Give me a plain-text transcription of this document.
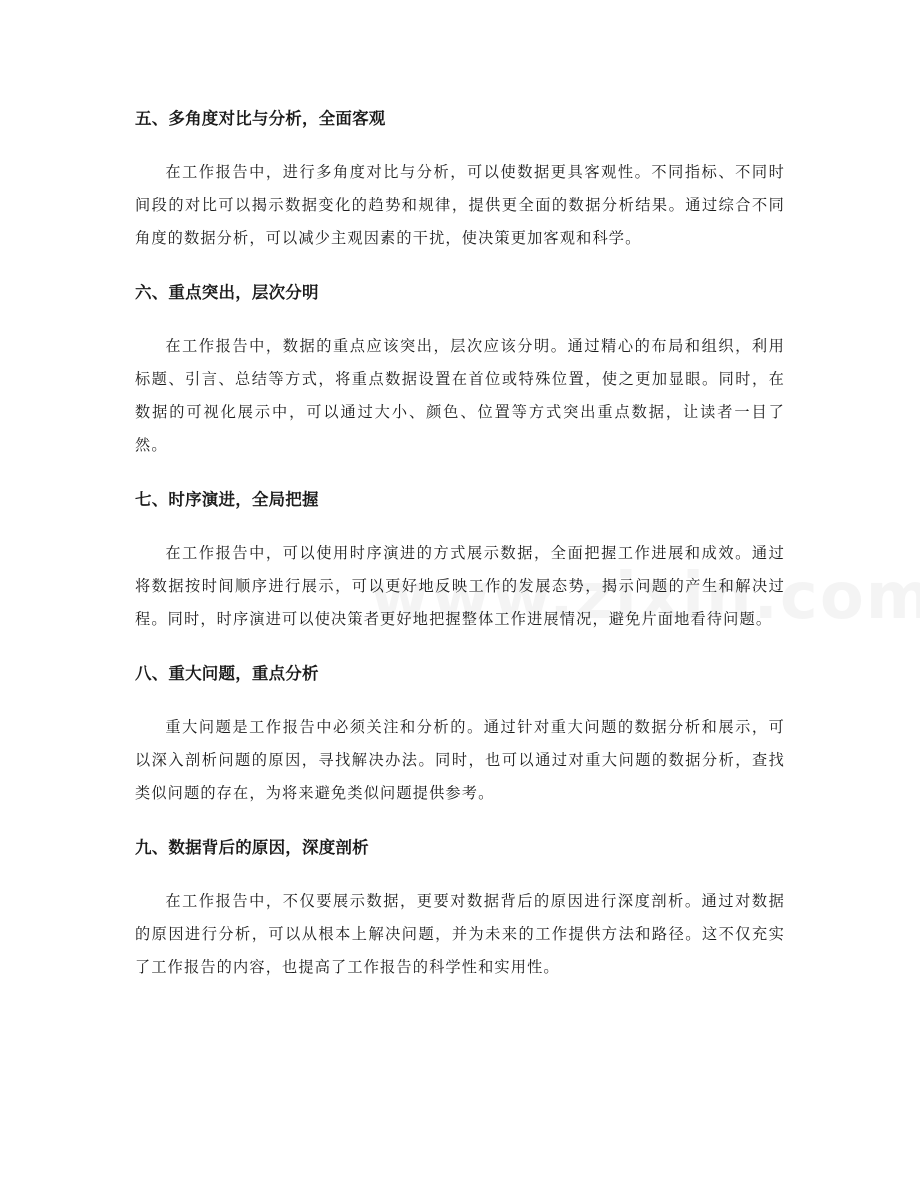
五、多角度对比与分析，全面客观

在工作报告中，进行多角度对比与分析，可以使数据更具客观性。不同指标、不同时间段的对比可以揭示数据变化的趋势和规律，提供更全面的数据分析结果。通过综合不同角度的数据分析，可以减少主观因素的干扰，使决策更加客观和科学。

六、重点突出，层次分明

在工作报告中，数据的重点应该突出，层次应该分明。通过精心的布局和组织，利用标题、引言、总结等方式，将重点数据设置在首位或特殊位置，使之更加显眼。同时，在数据的可视化展示中，可以通过大小、颜色、位置等方式突出重点数据，让读者一目了然。

七、时序演进，全局把握

在工作报告中，可以使用时序演进的方式展示数据，全面把握工作进展和成效。通过将数据按时间顺序进行展示，可以更好地反映工作的发展态势，揭示问题的产生和解决过程。同时，时序演进可以使决策者更好地把握整体工作进展情况，避免片面地看待问题。

八、重大问题，重点分析

重大问题是工作报告中必须关注和分析的。通过针对重大问题的数据分析和展示，可以深入剖析问题的原因，寻找解决办法。同时，也可以通过对重大问题的数据分析，查找类似问题的存在，为将来避免类似问题提供参考。

九、数据背后的原因，深度剖析

在工作报告中，不仅要展示数据，更要对数据背后的原因进行深度剖析。通过对数据的原因进行分析，可以从根本上解决问题，并为未来的工作提供方法和路径。这不仅充实了工作报告的内容，也提高了工作报告的科学性和实用性。
